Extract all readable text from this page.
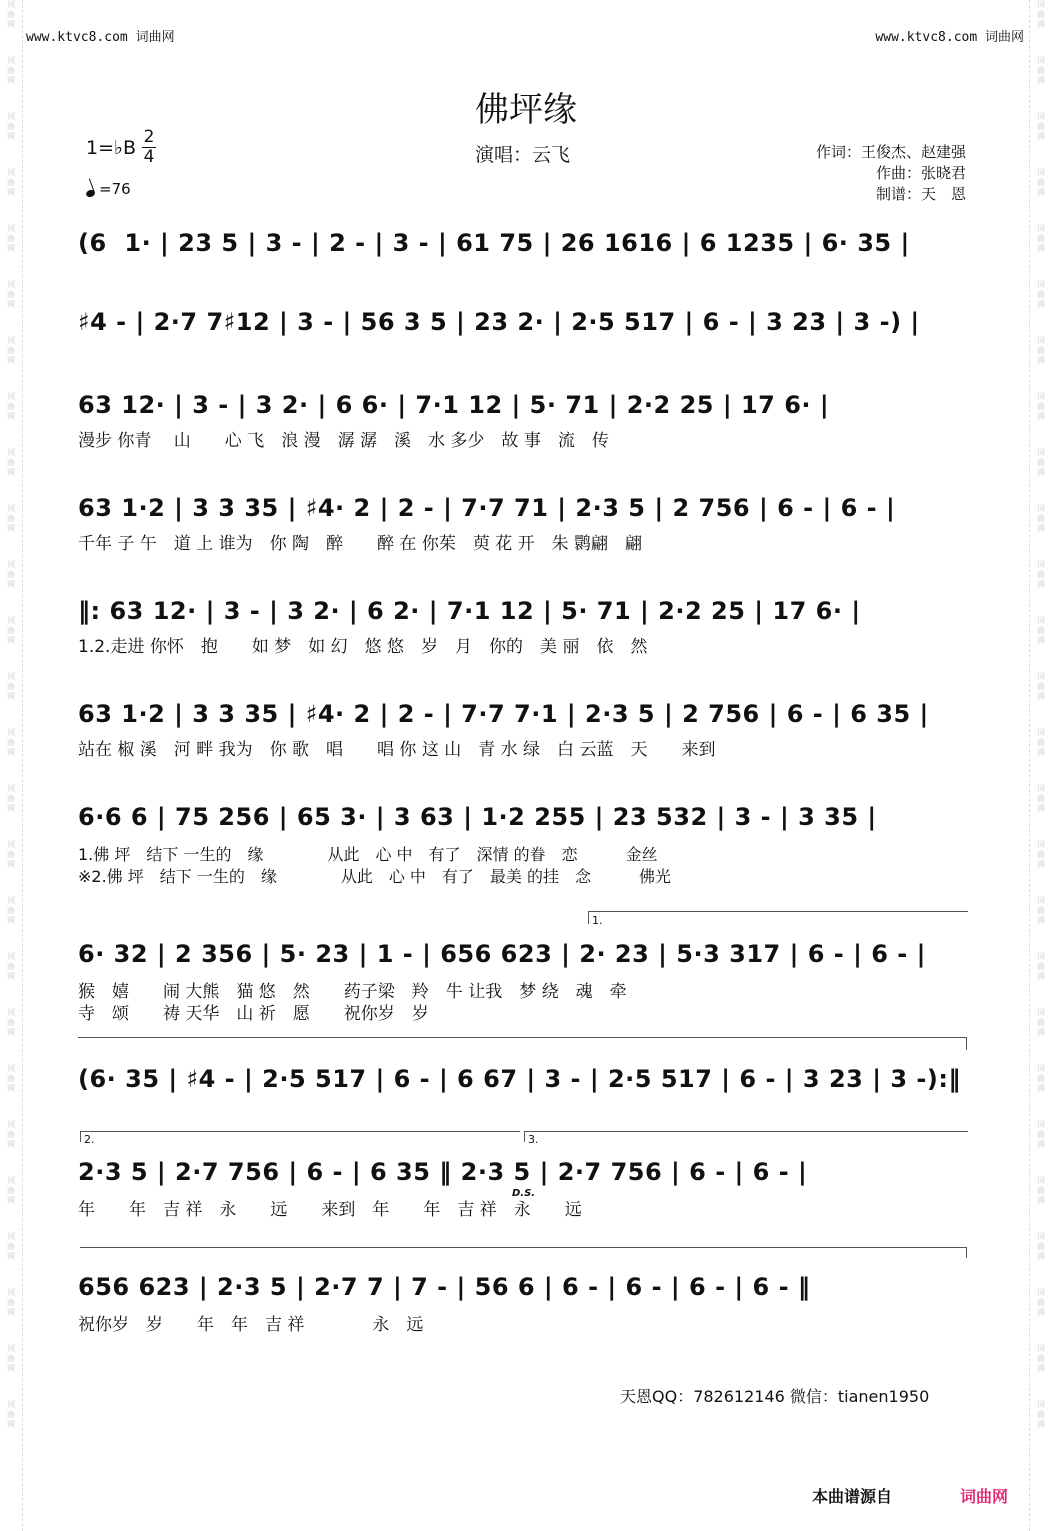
词
曲
网
词
曲
网
词
曲
网
词
曲
网
词
曲
网
词
曲
网
词
曲
网
词
曲
网
词
曲
网
词
曲
网
词
曲
网
词
曲
网
词
曲
网
词
曲
网
词
曲
网
词
曲
网
词
曲
网
词
曲
网
词
曲
网
词
曲
网
词
曲
网
词
曲
网
词
曲
网
词
曲
网
词
曲
网
词
曲
网
词
曲
网
词
曲
网
词
曲
网
词
曲
网
词
曲
网
词
曲
网
词
曲
网
词
曲
网
词
曲
网
词
曲
网
词
曲
网
词
曲
网
词
曲
网
词
曲
网
词
曲
网
词
曲
网
词
曲
网
词
曲
网
词
曲
网
词
曲
网
词
曲
网
词
曲
网
词
曲
网
词
曲
网
词
曲
网
词
曲
网
www.ktvc8.com 词曲网	www.ktvc8.com 词曲网
佛坪缘
1=♭B $\frac{2}{4}$
=76
演唱：云飞	作词：王俊杰、赵建强
作曲：张晓君
制谱：天　恩
(6  1· | 23 5 | 3 - | 2 - | 3 - | 61 75 | 26 1616 | 6 1235 | 6· 35 |
♯4 - | 2·7 7♯12 | 3 - | 56 3 5 | 23 2· | 2·5 517 | 6 - | 3 23 | 3 -) |
63 12· | 3 - | 3 2· | 6 6· | 7·1 12 | 5· 71 | 2·2 25 | 17 6· |
漫步 你青　 山　　心 飞　浪 漫　潺 潺　溪　水 多少　故 事　流　传
63 1·2 | 3 3 35 | ♯4· 2 | 2 - | 7·7 71 | 2·3 5 | 2 756 | 6 - | 6 - |
千年 子 午　道 上 谁为　你 陶　醉　　醉 在 你茱　萸 花 开　朱 鹮翩　翩
‖: 63 12· | 3 - | 3 2· | 6 2· | 7·1 12 | 5· 71 | 2·2 25 | 17 6· |
1.2.走进 你怀　抱　　如 梦　如 幻　悠 悠　岁　月　你的　美 丽　依　然
63 1·2 | 3 3 35 | ♯4· 2 | 2 - | 7·7 7·1 | 2·3 5 | 2 756 | 6 - | 6 35 |
站在 椒 溪　河 畔 我为　你 歌　唱　　唱 你 这 山　青 水 绿　白 云蓝　天　　来到
6·6 6 | 75 256 | 65 3· | 3 63 | 1·2 255 | 23 532 | 3 - | 3 35 |
1.佛 坪　结下 一生的　缘　　　　从此　心 中　有了　深情 的眷　恋　　　金丝
※2.佛 坪　结下 一生的　缘　　　　从此　心 中　有了　最美 的挂　念　　　佛光
1.
6· 32 | 2 356 | 5· 23 | 1 - | 656 623 | 2· 23 | 5·3 317 | 6 - | 6 - |
猴　嬉　　闹 大熊　猫 悠　然　　药子梁　羚　牛 让我　梦 绕　魂　牵
寺　颂　　祷 天华　山 祈　愿　　祝你岁　岁
(6· 35 | ♯4 - | 2·5 517 | 6 - | 6 67 | 3 - | 2·5 517 | 6 - | 3 23 | 3 -):‖
2.	3.
2·3 5 | 2·7 756 | 6 - | 6 35 ‖ 2·3 5 | 2·7 756 | 6 - | 6 - |
年　　年　吉 祥　永　　远　　来到　年　　年　吉 祥　永　　远
D.S.
656 623 | 2·3 5 | 2·7 7 | 7 - | 56 6 | 6 - | 6 - | 6 - | 6 - ‖
祝你岁　岁　　年　年　吉 祥　　　　永　远
天恩QQ：782612146 微信：tianen1950
本曲谱源自	词曲网
